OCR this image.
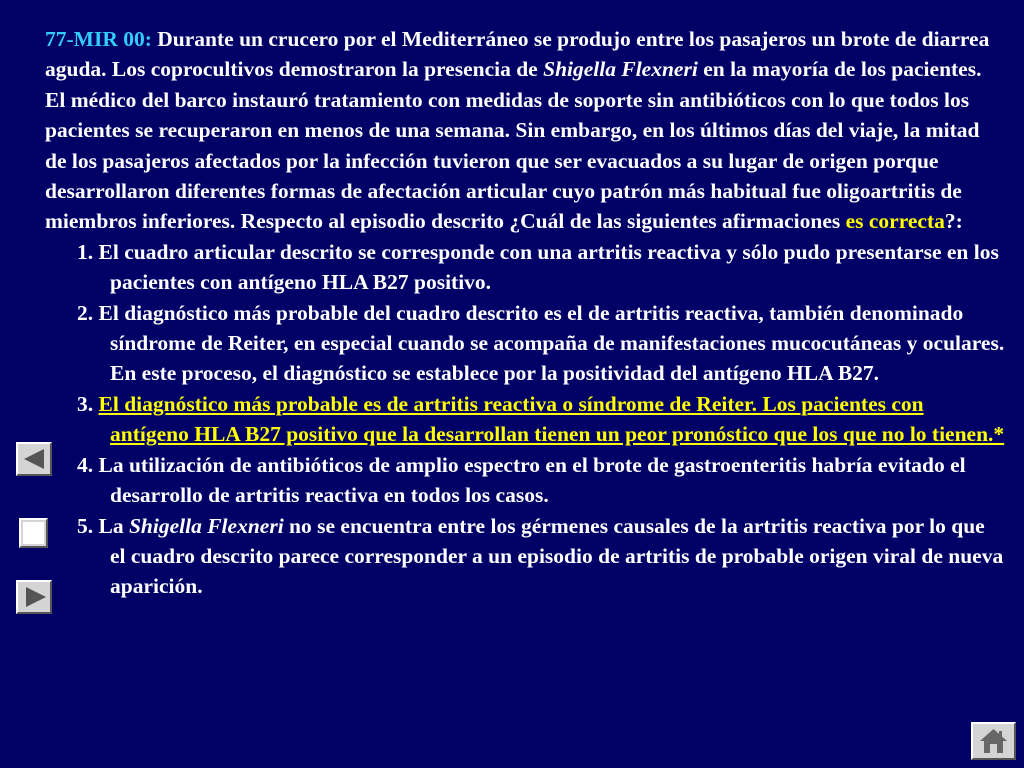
77-MIR 00: Durante un crucero por el Mediterráneo se produjo entre los pasajeros un brote de diarrea aguda. Los coprocultivos demostraron la presencia de Shigella Flexneri en la mayoría de los pacientes. El médico del barco instauró tratamiento con medidas de soporte sin antibióticos con lo que todos los pacientes se recuperaron en menos de una semana. Sin embargo, en los últimos días del viaje, la mitad de los pasajeros afectados por la infección tuvieron que ser evacuados a su lugar de origen porque desarrollaron diferentes formas de afectación articular cuyo patrón más habitual fue oligoartritis de miembros inferiores. Respecto al episodio descrito ¿Cuál de las siguientes afirmaciones es correcta?:

1. El cuadro articular descrito se corresponde con una artritis reactiva y sólo pudo presentarse en los pacientes con antígeno HLA B27 positivo.

2. El diagnóstico más probable del cuadro descrito es el de artritis reactiva, también denominado síndrome de Reiter, en especial cuando se acompaña de manifestaciones mucocutáneas y oculares. En este proceso, el diagnóstico se establece por la positividad del antígeno HLA B27.

3. El diagnóstico más probable es de artritis reactiva o síndrome de Reiter. Los pacientes con antígeno HLA B27 positivo que la desarrollan tienen un peor pronóstico que los que no lo tienen.*

4. La utilización de antibióticos de amplio espectro en el brote de gastroenteritis habría evitado el desarrollo de artritis reactiva en todos los casos.

5. La Shigella Flexneri no se encuentra entre los gérmenes causales de la artritis reactiva por lo que el cuadro descrito parece corresponder a un episodio de artritis de probable origen viral de nueva aparición.
